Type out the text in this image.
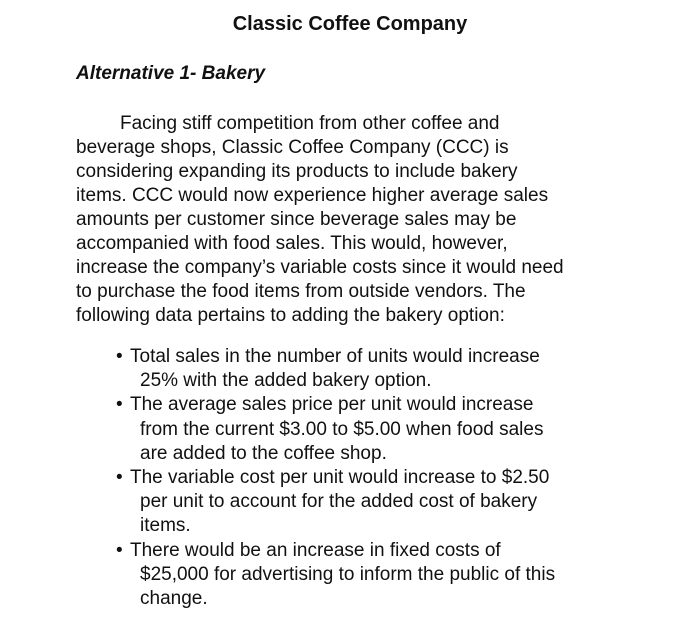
Classic Coffee Company
Alternative 1- Bakery

Facing stiff competition from other coffee and
beverage shops, Classic Coffee Company (CCC) is
considering expanding its products to include bakery
items. CCC would now experience higher average sales
amounts per customer since beverage sales may be
accompanied with food sales. This would, however,
increase the company’s variable costs since it would need
to purchase the food items from outside vendors. The
following data pertains to adding the bakery option:

• Total sales in the number of units would increase
25% with the added bakery option.
• The average sales price per unit would increase
from the current $3.00 to $5.00 when food sales
are added to the coffee shop.
• The variable cost per unit would increase to $2.50
per unit to account for the added cost of bakery
items.
• There would be an increase in fixed costs of
$25,000 for advertising to inform the public of this
change.
